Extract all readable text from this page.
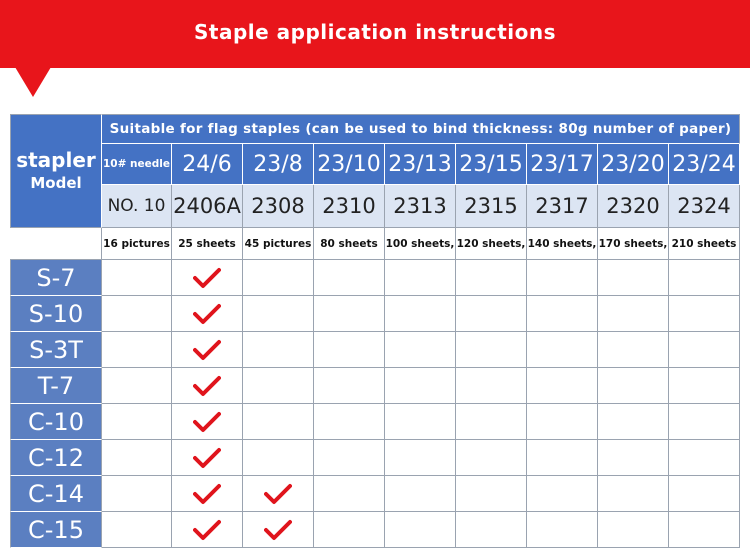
Staple application instructions
stapler
Model
Suitable for flag staples (can be used to bind thickness: 80g number of paper)
10# needle
NO. 10
24/6
2406A
23/8
2308
23/10
2310
23/13
2313
23/15
2315
23/17
2317
23/20
2320
23/24
2324
16 pictures 25 sheets 45 pictures 80 sheets 100 sheets, 120 sheets, 140 sheets, 170 sheets, 210 sheets
S-7
S-10
S-3T
T-7
C-10
C-12
C-14
C-15
